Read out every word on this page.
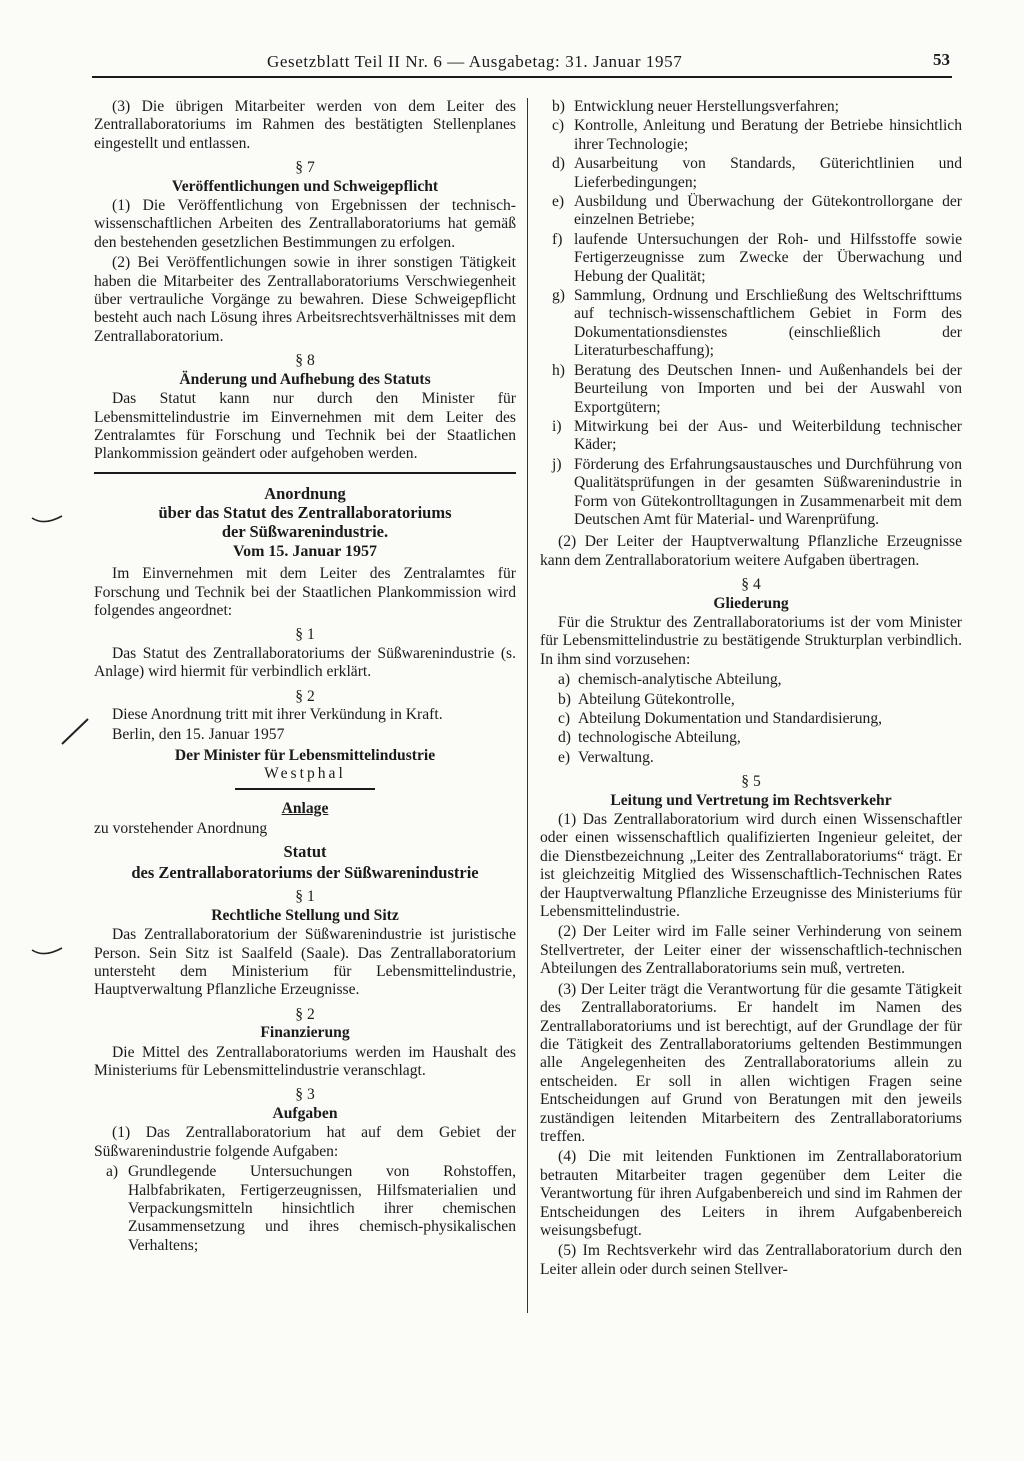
Gesetzblatt Teil II Nr. 6 — Ausgabetag: 31. Januar 1957	53

(3) Die übrigen Mitarbeiter werden von dem Leiter des Zentrallaboratoriums im Rahmen des bestätigten Stellenplanes eingestellt und entlassen.

§ 7

Veröffentlichungen und Schweigepflicht

(1) Die Veröffentlichung von Ergebnissen der technisch-wissenschaftlichen Arbeiten des Zentrallaboratoriums hat gemäß den bestehenden gesetzlichen Bestimmungen zu erfolgen.

(2) Bei Veröffentlichungen sowie in ihrer sonstigen Tätigkeit haben die Mitarbeiter des Zentrallaboratoriums Verschwiegenheit über vertrauliche Vorgänge zu bewahren. Diese Schweigepflicht besteht auch nach Lösung ihres Arbeitsrechtsverhältnisses mit dem Zentrallaboratorium.

§ 8

Änderung und Aufhebung des Statuts

Das Statut kann nur durch den Minister für Lebensmittelindustrie im Einvernehmen mit dem Leiter des Zentralamtes für Forschung und Technik bei der Staatlichen Plankommission geändert oder aufgehoben werden.

Anordnung

über das Statut des Zentrallaboratoriums

der Süßwarenindustrie.

Vom 15. Januar 1957

Im Einvernehmen mit dem Leiter des Zentralamtes für Forschung und Technik bei der Staatlichen Plankommission wird folgendes angeordnet:

§ 1

Das Statut des Zentrallaboratoriums der Süßwarenindustrie (s. Anlage) wird hiermit für verbindlich erklärt.

§ 2

Diese Anordnung tritt mit ihrer Verkündung in Kraft.

Berlin, den 15. Januar 1957

Der Minister für Lebensmittelindustrie

Westphal

Anlage

zu vorstehender Anordnung

Statut

des Zentrallaboratoriums der Süßwarenindustrie

§ 1

Rechtliche Stellung und Sitz

Das Zentrallaboratorium der Süßwarenindustrie ist juristische Person. Sein Sitz ist Saalfeld (Saale). Das Zentrallaboratorium untersteht dem Ministerium für Lebensmittelindustrie, Hauptverwaltung Pflanzliche Erzeugnisse.

§ 2

Finanzierung

Die Mittel des Zentrallaboratoriums werden im Haushalt des Ministeriums für Lebensmittelindustrie veranschlagt.

§ 3

Aufgaben

(1) Das Zentrallaboratorium hat auf dem Gebiet der Süßwarenindustrie folgende Aufgaben:

a) Grundlegende Untersuchungen von Rohstoffen, Halbfabrikaten, Fertigerzeugnissen, Hilfsmaterialien und Verpackungsmitteln hinsichtlich ihrer chemischen Zusammensetzung und ihres chemisch-physikalischen Verhaltens;
b) Entwicklung neuer Herstellungsverfahren;
c) Kontrolle, Anleitung und Beratung der Betriebe hinsichtlich ihrer Technologie;
d) Ausarbeitung von Standards, Güterichtlinien und Lieferbedingungen;
e) Ausbildung und Überwachung der Gütekontrollorgane der einzelnen Betriebe;
f) laufende Untersuchungen der Roh- und Hilfsstoffe sowie Fertigerzeugnisse zum Zwecke der Überwachung und Hebung der Qualität;
g) Sammlung, Ordnung und Erschließung des Weltschrifttums auf technisch-wissenschaftlichem Gebiet in Form des Dokumentationsdienstes (einschließlich der Literaturbeschaffung);
h) Beratung des Deutschen Innen- und Außenhandels bei der Beurteilung von Importen und bei der Auswahl von Exportgütern;
i) Mitwirkung bei der Aus- und Weiterbildung technischer Käder;
j) Förderung des Erfahrungsaustausches und Durchführung von Qualitätsprüfungen in der gesamten Süßwarenindustrie in Form von Gütekontrolltagungen in Zusammenarbeit mit dem Deutschen Amt für Material- und Warenprüfung.

(2) Der Leiter der Hauptverwaltung Pflanzliche Erzeugnisse kann dem Zentrallaboratorium weitere Aufgaben übertragen.

§ 4

Gliederung

Für die Struktur des Zentrallaboratoriums ist der vom Minister für Lebensmittelindustrie zu bestätigende Strukturplan verbindlich. In ihm sind vorzusehen:

a) chemisch-analytische Abteilung,
b) Abteilung Gütekontrolle,
c) Abteilung Dokumentation und Standardisierung,
d) technologische Abteilung,
e) Verwaltung.

§ 5

Leitung und Vertretung im Rechtsverkehr

(1) Das Zentrallaboratorium wird durch einen Wissenschaftler oder einen wissenschaftlich qualifizierten Ingenieur geleitet, der die Dienstbezeichnung „Leiter des Zentrallaboratoriums“ trägt. Er ist gleichzeitig Mitglied des Wissenschaftlich-Technischen Rates der Hauptverwaltung Pflanzliche Erzeugnisse des Ministeriums für Lebensmittelindustrie.

(2) Der Leiter wird im Falle seiner Verhinderung von seinem Stellvertreter, der Leiter einer der wissenschaftlich-technischen Abteilungen des Zentrallaboratoriums sein muß, vertreten.

(3) Der Leiter trägt die Verantwortung für die gesamte Tätigkeit des Zentrallaboratoriums. Er handelt im Namen des Zentrallaboratoriums und ist berechtigt, auf der Grundlage der für die Tätigkeit des Zentrallaboratoriums geltenden Bestimmungen alle Angelegenheiten des Zentrallaboratoriums allein zu entscheiden. Er soll in allen wichtigen Fragen seine Entscheidungen auf Grund von Beratungen mit den jeweils zuständigen leitenden Mitarbeitern des Zentrallaboratoriums treffen.

(4) Die mit leitenden Funktionen im Zentrallaboratorium betrauten Mitarbeiter tragen gegenüber dem Leiter die Verantwortung für ihren Aufgabenbereich und sind im Rahmen der Entscheidungen des Leiters in ihrem Aufgabenbereich weisungsbefugt.

(5) Im Rechtsverkehr wird das Zentrallaboratorium durch den Leiter allein oder durch seinen Stellver-
